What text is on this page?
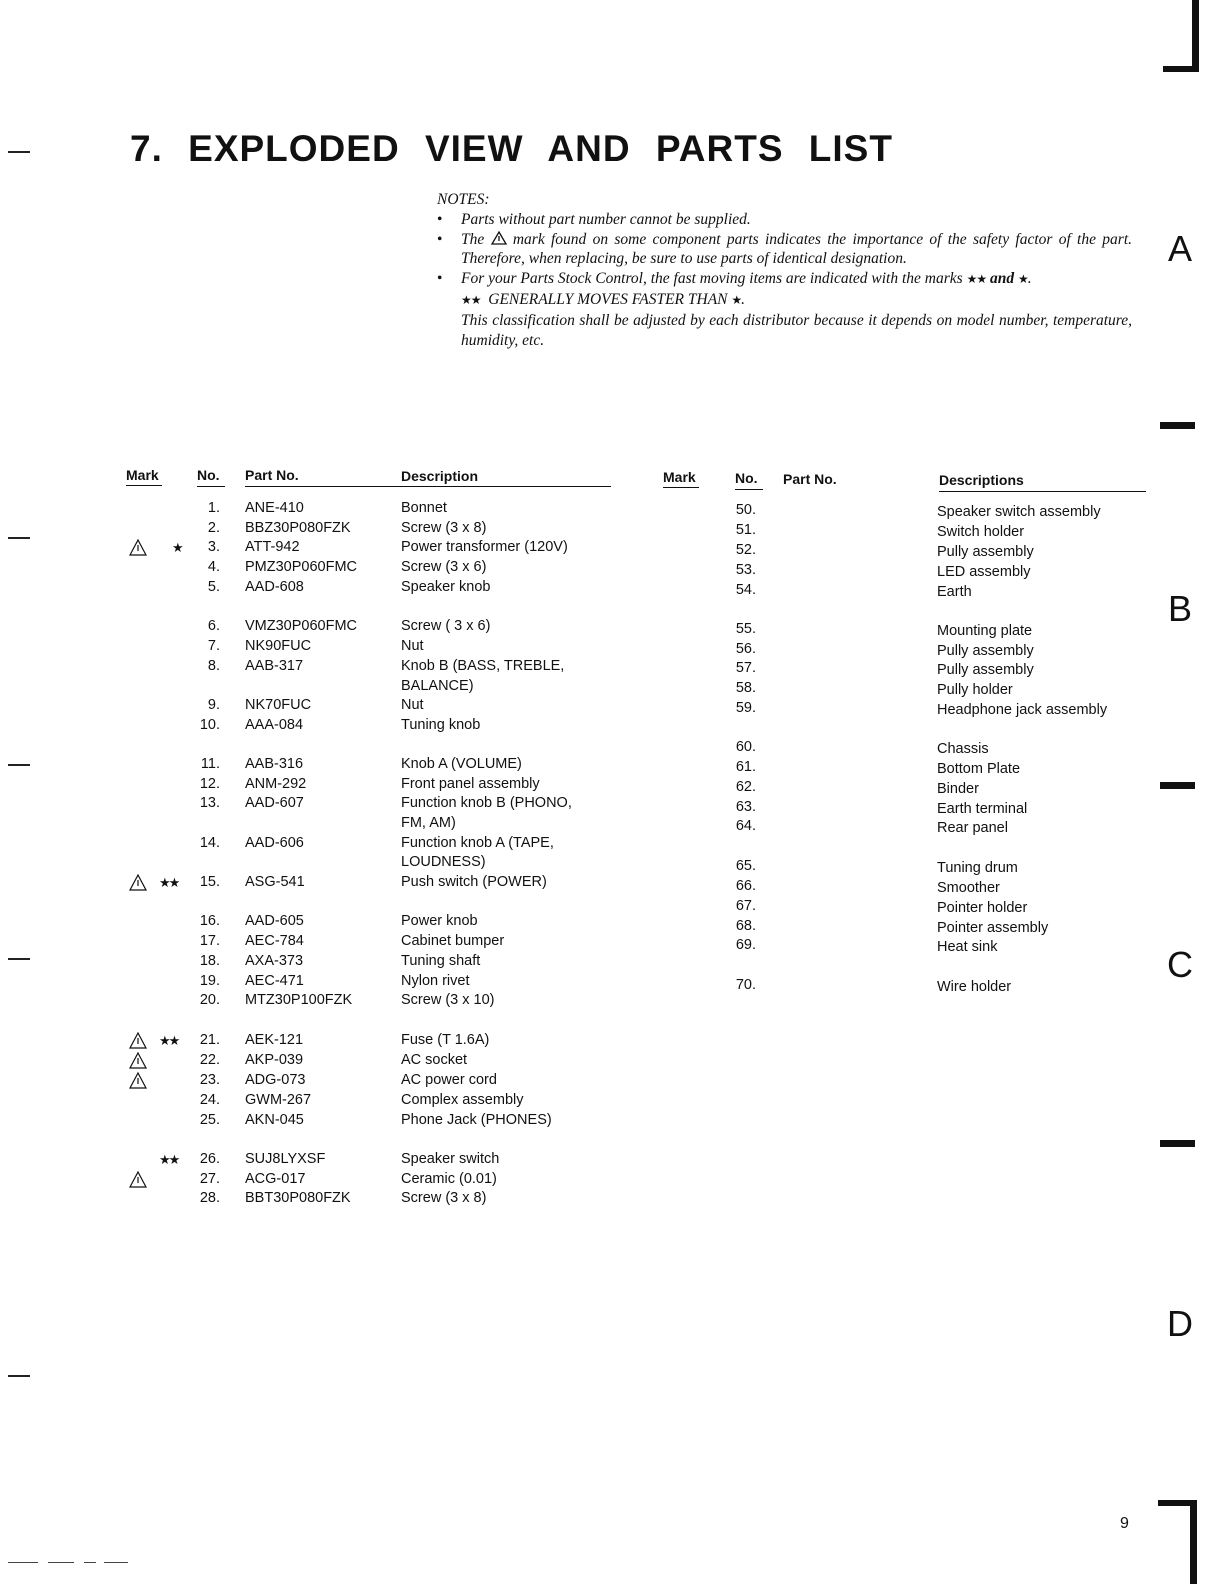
A
B
C
D
7. EXPLODED VIEW AND PARTS LIST
NOTES:
• Parts without part number cannot be supplied.
• The mark found on some component parts indicates the importance of the safety factor of the part. Therefore, when replacing, be sure to use parts of identical designation.
• For your Parts Stock Control, the fast moving items are indicated with the marks ★★ and ★.
★★ GENERALLY MOVES FASTER THAN ★.
This classification shall be adjusted by each distributor because it depends on model number, temperature, humidity, etc.
Mark	No. Part No.	Description	Mark	No. Part No.	Descriptions
1. ANE-410	Bonnet
2. BBZ30P080FZK	Screw (3 x 8)
★	3. ATT-942	Power transformer (120V)
4. PMZ30P060FMC	Screw (3 x 6)
5. AAD-608	Speaker knob
6. VMZ30P060FMC	Screw ( 3 x 6)
7. NK90FUC	Nut
8. AAB-317	Knob B (BASS, TREBLE,
BALANCE)
9. NK70FUC	Nut
10. AAA-084	Tuning knob
11. AAB-316	Knob A (VOLUME)
12. ANM-292	Front panel assembly
13. AAD-607	Function knob B (PHONO,
FM, AM)
14. AAD-606	Function knob A (TAPE,
LOUDNESS)
★★	15. ASG-541	Push switch (POWER)
16. AAD-605	Power knob
17. AEC-784	Cabinet bumper
18. AXA-373	Tuning shaft
19. AEC-471	Nylon rivet
20. MTZ30P100FZK	Screw (3 x 10)
★★	21. AEK-121	Fuse (T 1.6A)
22. AKP-039	AC socket
23. ADG-073	AC power cord
24. GWM-267	Complex assembly
25. AKN-045	Phone Jack (PHONES)
★★	26. SUJ8LYXSF	Speaker switch
27. ACG-017	Ceramic (0.01)
28. BBT30P080FZK	Screw (3 x 8)
50.	Speaker switch assembly
51.	Switch holder
52.	Pully assembly
53.	LED assembly
54.	Earth
55.	Mounting plate
56.	Pully assembly
57.	Pully assembly
58.	Pully holder
59.	Headphone jack assembly
60.	Chassis
61.	Bottom Plate
62.	Binder
63.	Earth terminal
64.	Rear panel
65.	Tuning drum
66.	Smoother
67.	Pointer holder
68.	Pointer assembly
69.	Heat sink
70.	Wire holder
9
